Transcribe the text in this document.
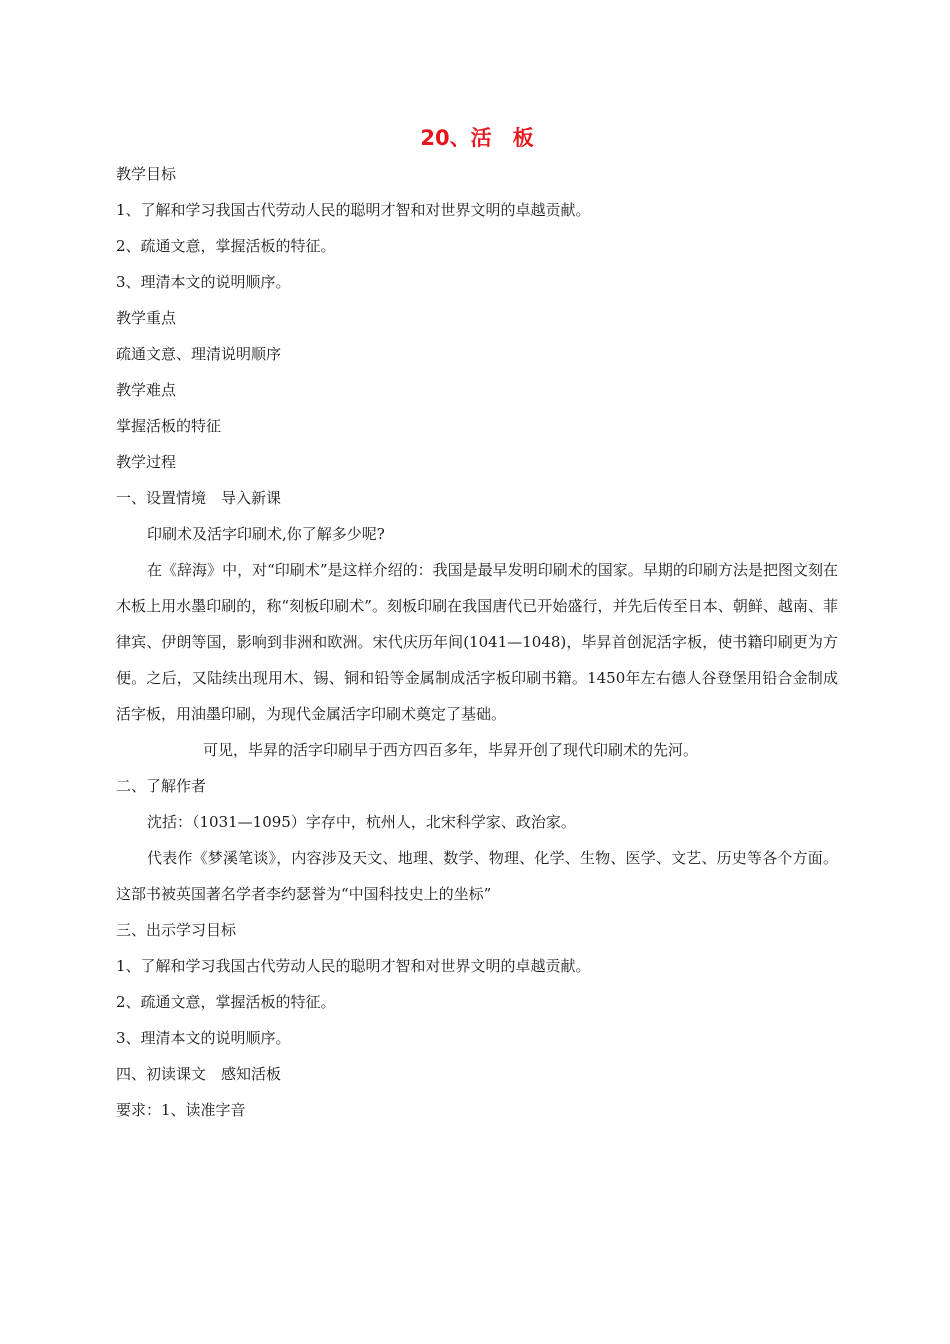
20、活　板

教学目标

1、了解和学习我国古代劳动人民的聪明才智和对世界文明的卓越贡献。

2、疏通文意，掌握活板的特征。

3、理清本文的说明顺序。

教学重点

疏通文意、理清说明顺序

教学难点

掌握活板的特征

教学过程

一、设置情境　导入新课

印刷术及活字印刷术,你了解多少呢?

在《辞海》中，对“印刷术”是这样介绍的：我国是最早发明印刷术的国家。早期的印刷方法是把图文刻在木板上用水墨印刷的，称“刻板印刷术”。刻板印刷在我国唐代已开始盛行，并先后传至日本、朝鲜、越南、菲律宾、伊朗等国，影响到非洲和欧洲。宋代庆历年间(1041—1048)，毕昇首创泥活字板，使书籍印刷更为方便。之后，又陆续出现用木、锡、铜和铅等金属制成活字板印刷书籍。1450年左右德人谷登堡用铅合金制成活字板，用油墨印刷，为现代金属活字印刷术奠定了基础。

可见，毕昇的活字印刷早于西方四百多年，毕昇开创了现代印刷术的先河。

二、了解作者

沈括：（1031—1095）字存中，杭州人，北宋科学家、政治家。

代表作《梦溪笔谈》，内容涉及天文、地理、数学、物理、化学、生物、医学、文艺、历史等各个方面。这部书被英国著名学者李约瑟誉为“中国科技史上的坐标”

三、出示学习目标

1、了解和学习我国古代劳动人民的聪明才智和对世界文明的卓越贡献。

2、疏通文意，掌握活板的特征。

3、理清本文的说明顺序。

四、初读课文　感知活板

要求：1、读准字音
